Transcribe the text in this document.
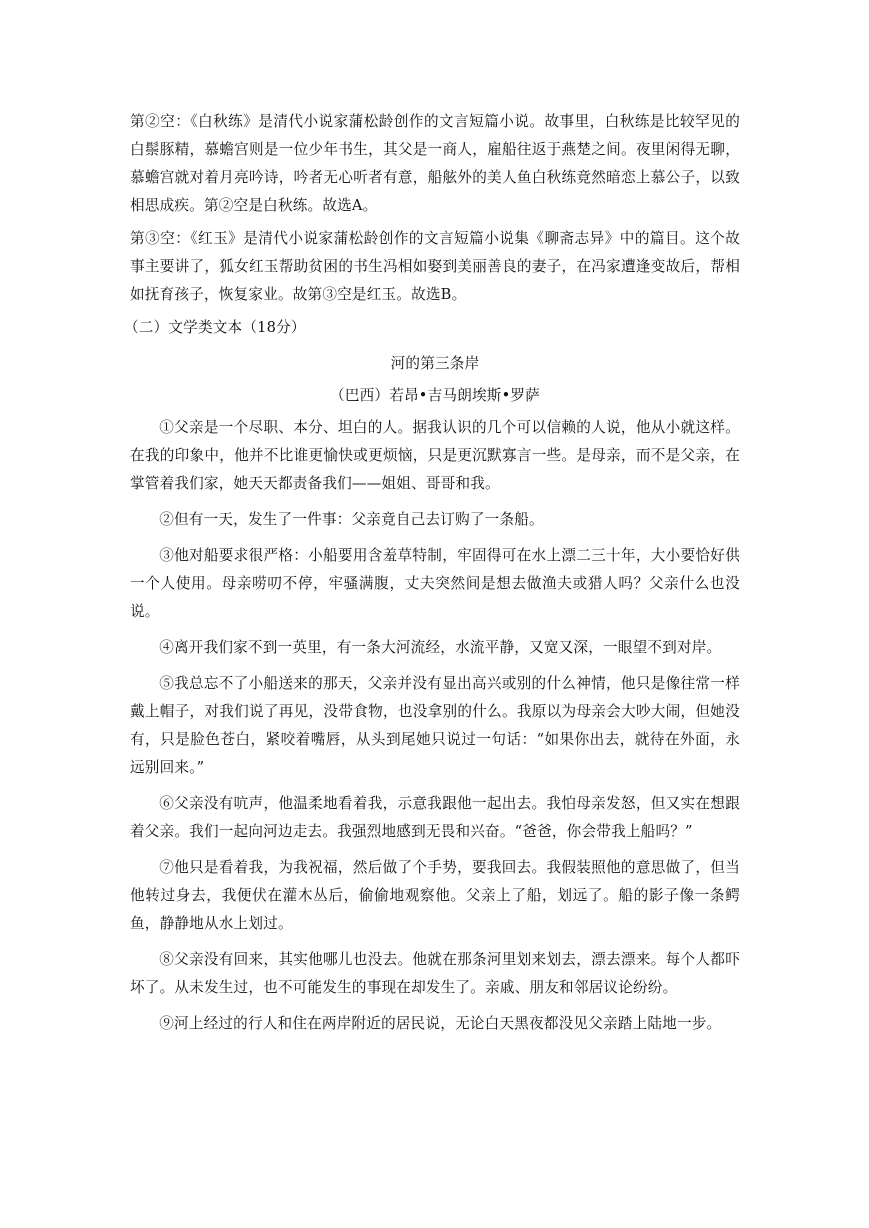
第②空：《白秋练》是清代小说家蒲松龄创作的文言短篇小说。故事里，白秋练是比较罕见的白鬃豚精，慕蟾宫则是一位少年书生，其父是一商人，雇船往返于燕楚之间。夜里闲得无聊，慕蟾宫就对着月亮吟诗，吟者无心听者有意，船舷外的美人鱼白秋练竟然暗恋上慕公子，以致相思成疾。第②空是白秋练。故选A。

第③空：《红玉》是清代小说家蒲松龄创作的文言短篇小说集《聊斋志异》中的篇目。这个故事主要讲了，狐女红玉帮助贫困的书生冯相如娶到美丽善良的妻子，在冯家遭逢变故后，帮相如抚育孩子，恢复家业。故第③空是红玉。故选B。

（二）文学类文本（18分）

河的第三条岸

（巴西）若昂•吉马朗埃斯•罗萨

①父亲是一个尽职、本分、坦白的人。据我认识的几个可以信赖的人说，他从小就这样。在我的印象中，他并不比谁更愉快或更烦恼，只是更沉默寡言一些。是母亲，而不是父亲，在掌管着我们家，她天天都责备我们——姐姐、哥哥和我。

②但有一天，发生了一件事：父亲竟自己去订购了一条船。

③他对船要求很严格：小船要用含羞草特制，牢固得可在水上漂二三十年，大小要恰好供一个人使用。母亲唠叨不停，牢骚满腹，丈夫突然间是想去做渔夫或猎人吗？父亲什么也没说。

④离开我们家不到一英里，有一条大河流经，水流平静，又宽又深，一眼望不到对岸。

⑤我总忘不了小船送来的那天，父亲并没有显出高兴或别的什么神情，他只是像往常一样戴上帽子，对我们说了再见，没带食物，也没拿别的什么。我原以为母亲会大吵大闹，但她没有，只是脸色苍白，紧咬着嘴唇，从头到尾她只说过一句话：“如果你出去，就待在外面，永远别回来。”

⑥父亲没有吭声，他温柔地看着我，示意我跟他一起出去。我怕母亲发怒，但又实在想跟着父亲。我们一起向河边走去。我强烈地感到无畏和兴奋。“爸爸，你会带我上船吗？”

⑦他只是看着我，为我祝福，然后做了个手势，要我回去。我假装照他的意思做了，但当他转过身去，我便伏在灌木丛后，偷偷地观察他。父亲上了船，划远了。船的影子像一条鳄鱼，静静地从水上划过。

⑧父亲没有回来，其实他哪儿也没去。他就在那条河里划来划去，漂去漂来。每个人都吓坏了。从未发生过，也不可能发生的事现在却发生了。亲戚、朋友和邻居议论纷纷。

⑨河上经过的行人和住在两岸附近的居民说，无论白天黑夜都没见父亲踏上陆地一步。
